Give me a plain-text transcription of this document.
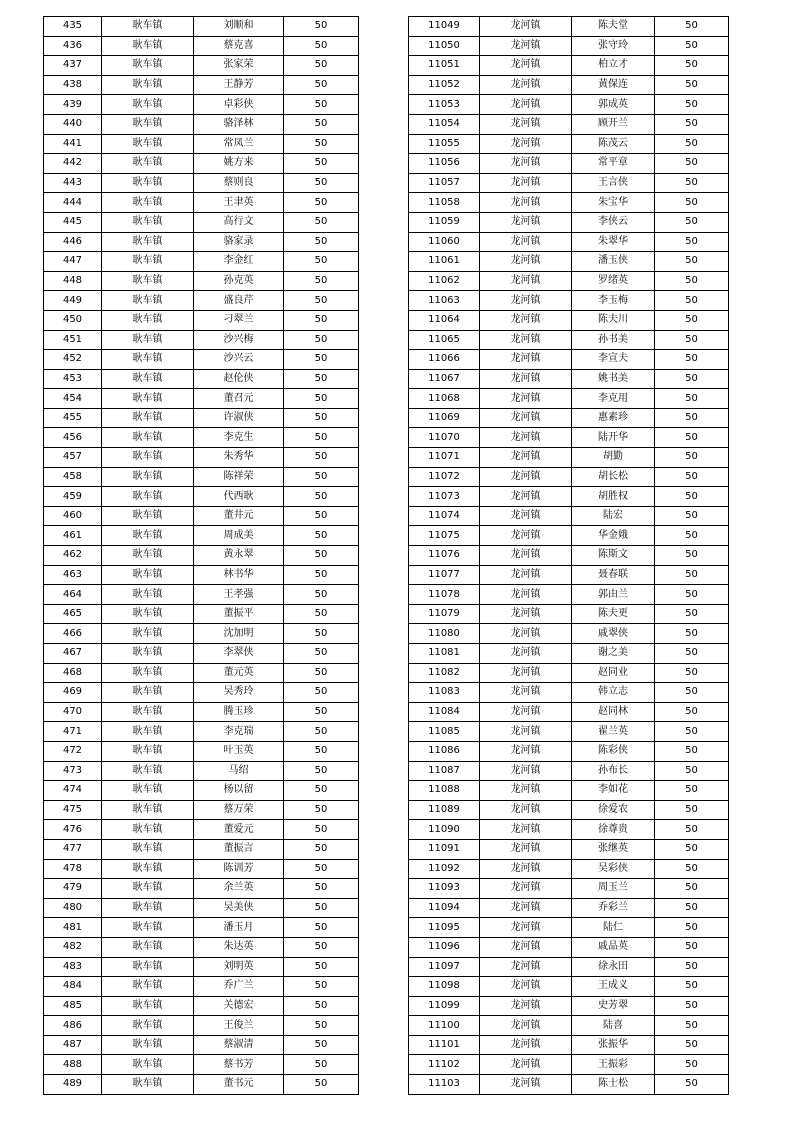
435	耿车镇	刘顺和	50
436	耿车镇	蔡克喜	50
437	耿车镇	张家荣	50
438	耿车镇	王静芳	50
439	耿车镇	卓彩侠	50
440	耿车镇	骆泽林	50
441	耿车镇	常凤兰	50
442	耿车镇	姚方来	50
443	耿车镇	蔡则良	50
444	耿车镇	王聿英	50
445	耿车镇	高行文	50
446	耿车镇	骆家录	50
447	耿车镇	李金红	50
448	耿车镇	孙克英	50
449	耿车镇	盛良芹	50
450	耿车镇	刁翠兰	50
451	耿车镇	沙兴梅	50
452	耿车镇	沙兴云	50
453	耿车镇	赵伦侠	50
454	耿车镇	董召元	50
455	耿车镇	许淑侠	50
456	耿车镇	李克生	50
457	耿车镇	朱秀华	50
458	耿车镇	陈祥荣	50
459	耿车镇	代西耿	50
460	耿车镇	董井元	50
461	耿车镇	周成美	50
462	耿车镇	黄永翠	50
463	耿车镇	林书华	50
464	耿车镇	王孝强	50
465	耿车镇	董振平	50
466	耿车镇	沈加明	50
467	耿车镇	李翠侠	50
468	耿车镇	董元英	50
469	耿车镇	吴秀玲	50
470	耿车镇	腾玉珍	50
471	耿车镇	李克瑞	50
472	耿车镇	叶玉英	50
473	耿车镇	马绍	50
474	耿车镇	杨以留	50
475	耿车镇	蔡万荣	50
476	耿车镇	董爱元	50
477	耿车镇	董振言	50
478	耿车镇	陈训芳	50
479	耿车镇	余兰英	50
480	耿车镇	吴美侠	50
481	耿车镇	潘玉月	50
482	耿车镇	朱达英	50
483	耿车镇	刘明英	50
484	耿车镇	乔广兰	50
485	耿车镇	关德宏	50
486	耿车镇	王俊兰	50
487	耿车镇	蔡淑清	50
488	耿车镇	蔡书芳	50
489	耿车镇	董书元	50
11049	龙河镇	陈夫堂	50
11050	龙河镇	张守玲	50
11051	龙河镇	柏立才	50
11052	龙河镇	黄保连	50
11053	龙河镇	郭成英	50
11054	龙河镇	顾开兰	50
11055	龙河镇	陈茂云	50
11056	龙河镇	常平章	50
11057	龙河镇	王言侠	50
11058	龙河镇	朱宝华	50
11059	龙河镇	李侠云	50
11060	龙河镇	朱翠华	50
11061	龙河镇	潘玉侠	50
11062	龙河镇	罗绪英	50
11063	龙河镇	李玉梅	50
11064	龙河镇	陈夫川	50
11065	龙河镇	孙书美	50
11066	龙河镇	李宣夫	50
11067	龙河镇	姚书美	50
11068	龙河镇	李克用	50
11069	龙河镇	惠素珍	50
11070	龙河镇	陆开华	50
11071	龙河镇	胡勤	50
11072	龙河镇	胡长松	50
11073	龙河镇	胡胜权	50
11074	龙河镇	陆宏	50
11075	龙河镇	华金娥	50
11076	龙河镇	陈斯文	50
11077	龙河镇	聂春联	50
11078	龙河镇	郭由兰	50
11079	龙河镇	陈夫更	50
11080	龙河镇	戚翠侠	50
11081	龙河镇	谢之美	50
11082	龙河镇	赵同业	50
11083	龙河镇	韩立志	50
11084	龙河镇	赵同林	50
11085	龙河镇	翟兰英	50
11086	龙河镇	陈彩侠	50
11087	龙河镇	孙布长	50
11088	龙河镇	李如花	50
11089	龙河镇	徐爱农	50
11090	龙河镇	徐尊贵	50
11091	龙河镇	张继英	50
11092	龙河镇	吴彩侠	50
11093	龙河镇	周玉兰	50
11094	龙河镇	乔彩兰	50
11095	龙河镇	陆仁	50
11096	龙河镇	戚品英	50
11097	龙河镇	徐永田	50
11098	龙河镇	王成义	50
11099	龙河镇	史芳翠	50
11100	龙河镇	陆喜	50
11101	龙河镇	张振华	50
11102	龙河镇	王振彩	50
11103	龙河镇	陈士松	50
